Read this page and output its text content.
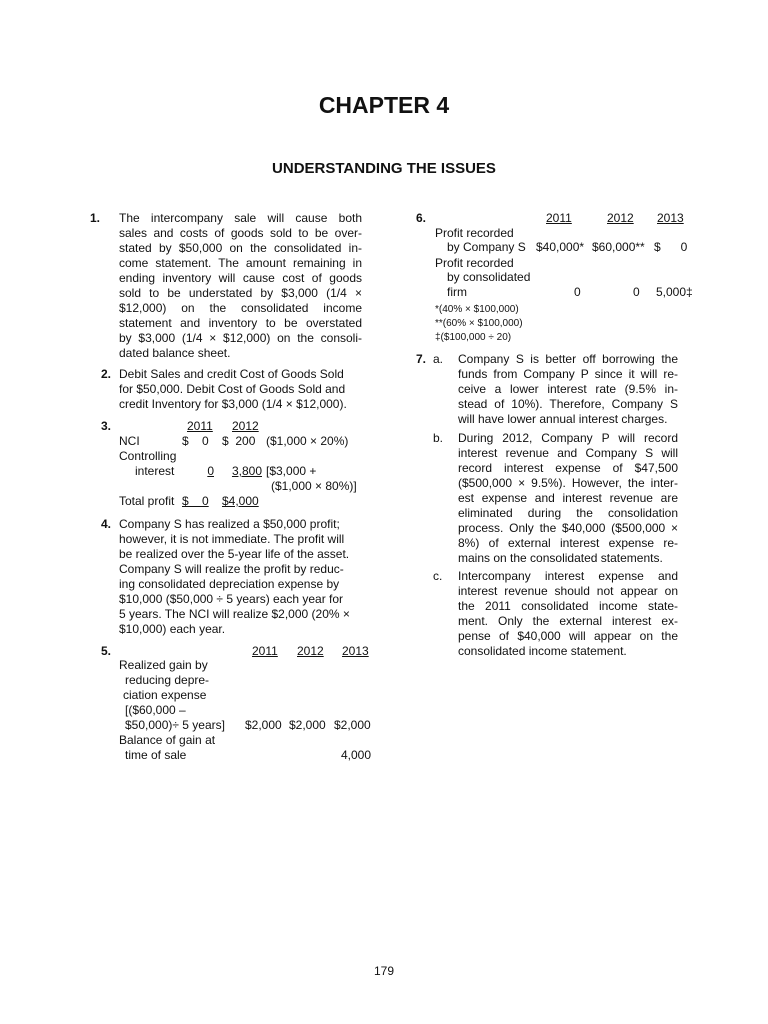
CHAPTER 4
UNDERSTANDING THE ISSUES
1. The intercompany sale will cause both
sales and costs of goods sold to be over-
stated by $50,000 on the consolidated in-
come statement. The amount remaining in
ending inventory will cause cost of goods
sold to be understated by $3,000 (1/4 ×
$12,000) on the consolidated income
statement and inventory to be overstated
by $3,000 (1/4 × $12,000) on the consoli-
dated balance sheet.
2. Debit Sales and credit Cost of Goods Sold
for $50,000. Debit Cost of Goods Sold and
credit Inventory for $3,000 (1/4 × $12,000).
3.	2011 2012
NCI	$    0 $  200 ($1,000 × 20%)
Controlling
interest	0	3,800 [$3,000 +
($1,000 × 80%)]
Total profit $    0 $4,000
4. Company S has realized a $50,000 profit;
however, it is not immediate. The profit will
be realized over the 5-year life of the asset.
Company S will realize the profit by reduc-
ing consolidated depreciation expense by
$10,000 ($50,000 ÷ 5 years) each year for
5 years. The NCI will realize $2,000 (20% ×
$10,000) each year.
5.	2011 2012 2013
Realized gain by
reducing depre-
ciation expense
[($60,000 –
$50,000)÷ 5 years] $2,000 $2,000 $2,000
Balance of gain at
time of sale	4,000
6.	2011	2012 2013
Profit recorded
by Company S $40,000* $60,000** $      0
Profit recorded
by consolidated
firm	0	0 5,000‡
*(40% × $100,000)
**(60% × $100,000)
‡($100,000 ÷ 20)
7. a. Company S is better off borrowing the
funds from Company P since it will re-
ceive a lower interest rate (9.5% in-
stead of 10%). Therefore, Company S
will have lower annual interest charges.
b. During 2012, Company P will record
interest revenue and Company S will
record interest expense of $47,500
($500,000 × 9.5%). However, the inter-
est expense and interest revenue are
eliminated during the consolidation
process. Only the $40,000 ($500,000 ×
8%) of external interest expense re-
mains on the consolidated statements.
c. Intercompany interest expense and
interest revenue should not appear on
the 2011 consolidated income state-
ment. Only the external interest ex-
pense of $40,000 will appear on the
consolidated income statement.
179
